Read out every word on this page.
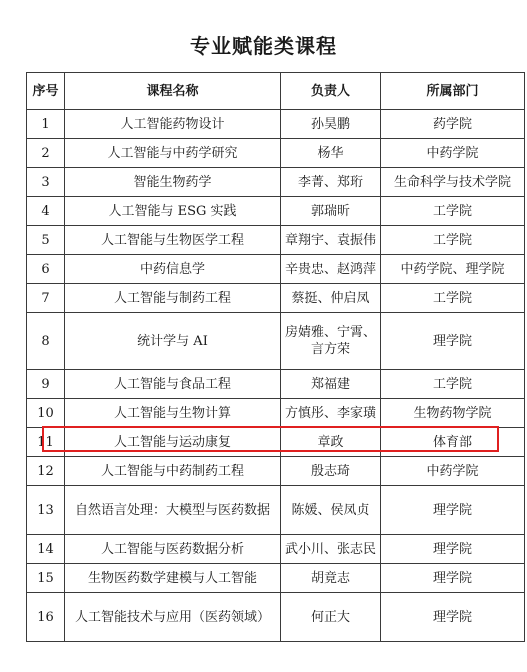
专业赋能类课程
序号	课程名称	负责人	所属部门
1	人工智能药物设计	孙昊鹏	药学院
2	人工智能与中药学研究	杨华	中药学院
3	智能生物药学	李菁、郑珩	生命科学与技术学院
4	人工智能与 ESG 实践	郭瑞昕	工学院
5	人工智能与生物医学工程	章翔宇、袁振伟	工学院
6	中药信息学	辛贵忠、赵鸿萍	中药学院、理学院
7	人工智能与制药工程	蔡挺、仲启凤	工学院
8	统计学与 AI	房婧雅、宁霄、言方荣	理学院
9	人工智能与食品工程	郑福建	工学院
10	人工智能与生物计算	方慎彤、李家璜	生物药物学院
11	人工智能与运动康复	章政	体育部
12	人工智能与中药制药工程	殷志琦	中药学院
13	自然语言处理：大模型与医药数据	陈媛、侯凤贞	理学院
14	人工智能与医药数据分析	武小川、张志民	理学院
15	生物医药数学建模与人工智能	胡竟志	理学院
16	人工智能技术与应用（医药领域）	何正大	理学院
